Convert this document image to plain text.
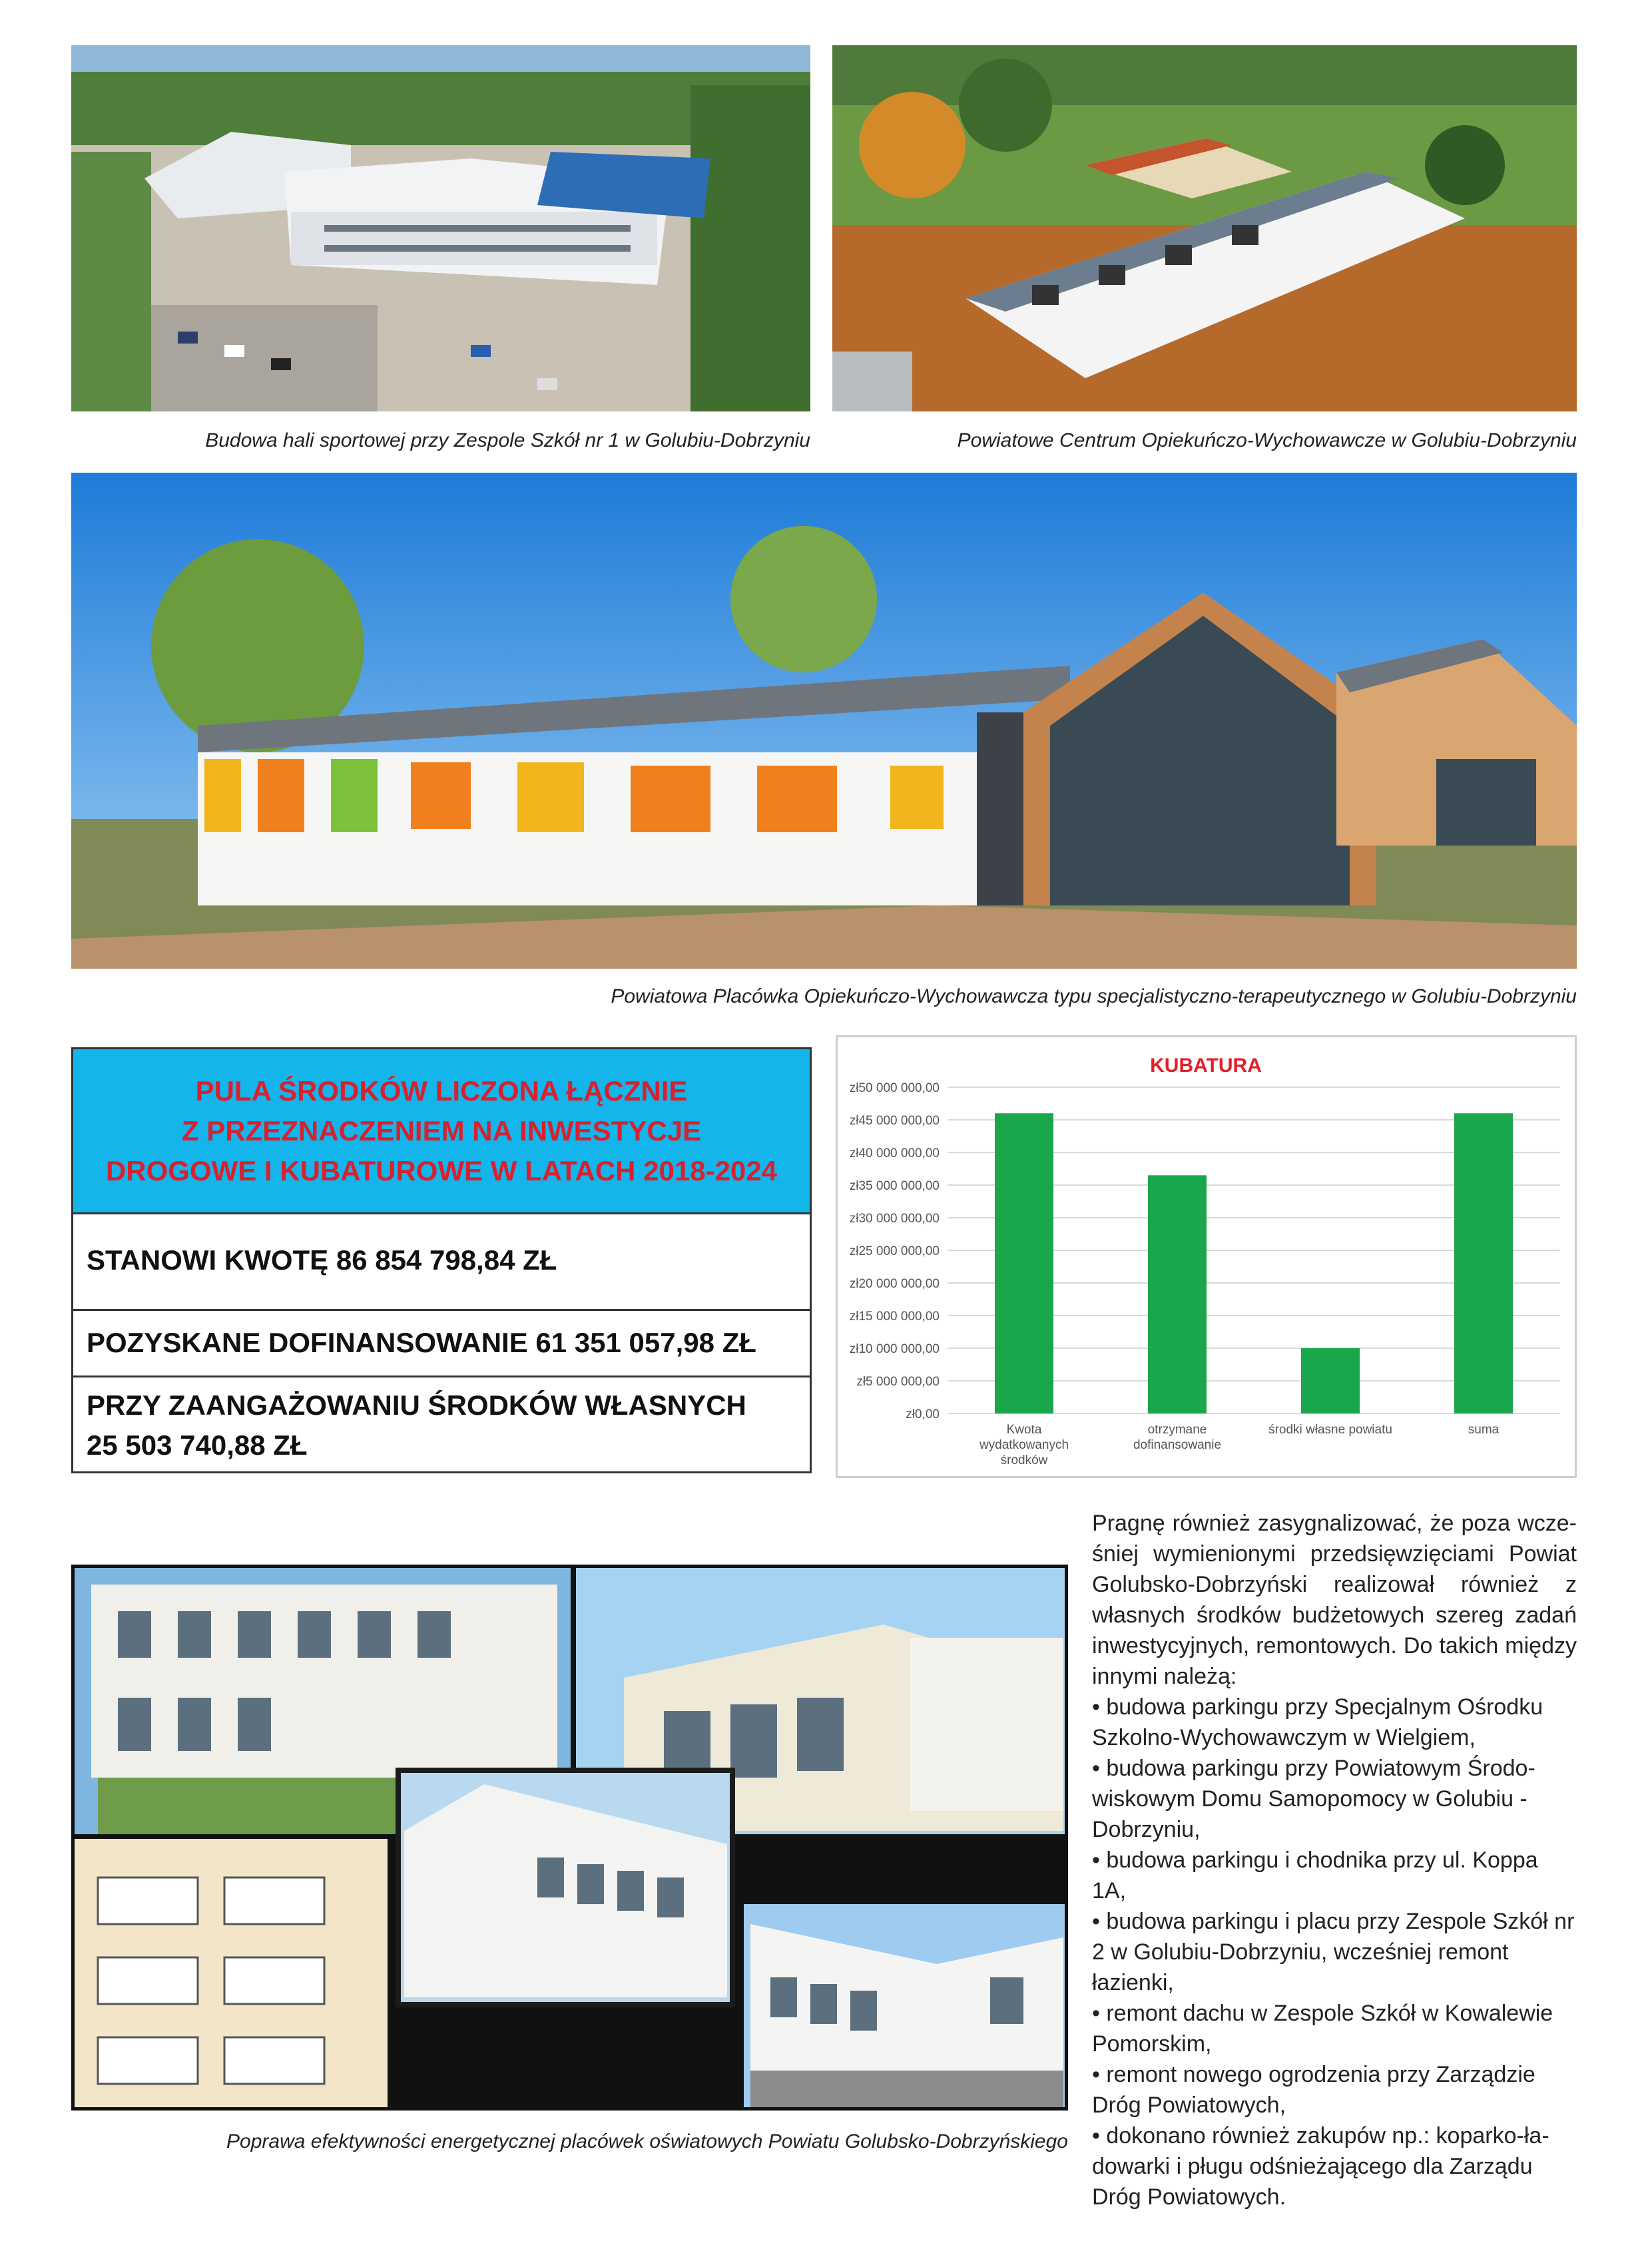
Budowa hali sportowej przy Zespole Szkół nr 1 w Golubiu-Dobrzyniu	Powiatowe Centrum Opiekuńczo-Wychowawcze w Golubiu-Dobrzyniu
Powiatowa Placówka Opiekuńczo-Wychowawcza typu specjalistyczno-terapeutycznego w Golubiu-Dobrzyniu
PULA ŚRODKÓW LICZONA ŁĄCZNIE
Z PRZEZNACZENIEM NA INWESTYCJE
DROGOWE I KUBATUROWE W LATACH 2018-2024
STANOWI KWOTĘ 86 854 798,84 ZŁ
POZYSKANE DOFINANSOWANIE 61 351 057,98 ZŁ
PRZY ZAANGAŻOWANIU ŚRODKÓW WŁASNYCH
25 503 740,88 ZŁ
KUBATURA
zł0,00
zł5 000 000,00
zł10 000 000,00
zł15 000 000,00
zł20 000 000,00
zł25 000 000,00
zł30 000 000,00
zł35 000 000,00
zł40 000 000,00
zł45 000 000,00
zł50 000 000,00
Kwota
wydatkowanych
środków
otrzymane
dofinansowanie
środki własne powiatu	suma
Poprawa efektywności energetycznej placówek oświatowych Powiatu Golubsko-Dobrzyńskiego

Pragnę również zasygnalizować, że poza wcześniej wymienionymi przedsięwzięciami Powiat Golubsko-Dobrzyński realizował również z własnych środków budżetowych szereg zadań inwestycyjnych, remontowych. Do takich między innymi należą:

• budowa parkingu przy Specjalnym Ośrodku Szkolno-Wychowawczym w Wielgiem,
• budowa parkingu przy Powiatowym Środowiskowym Domu Samopomocy w Golubiu -Dobrzyniu,
• budowa parkingu i chodnika przy ul. Koppa 1A,
• budowa parkingu i placu przy Zespole Szkół nr 2 w Golubiu-Dobrzyniu, wcześniej remont łazienki,
• remont dachu w Zespole Szkół w Kowalewie Pomorskim,
• remont nowego ogrodzenia przy Zarządzie Dróg Powiatowych,
• dokonano również zakupów np.: koparko-ładowarki i pługu odśnieżającego dla Zarządu Dróg Powiatowych.
